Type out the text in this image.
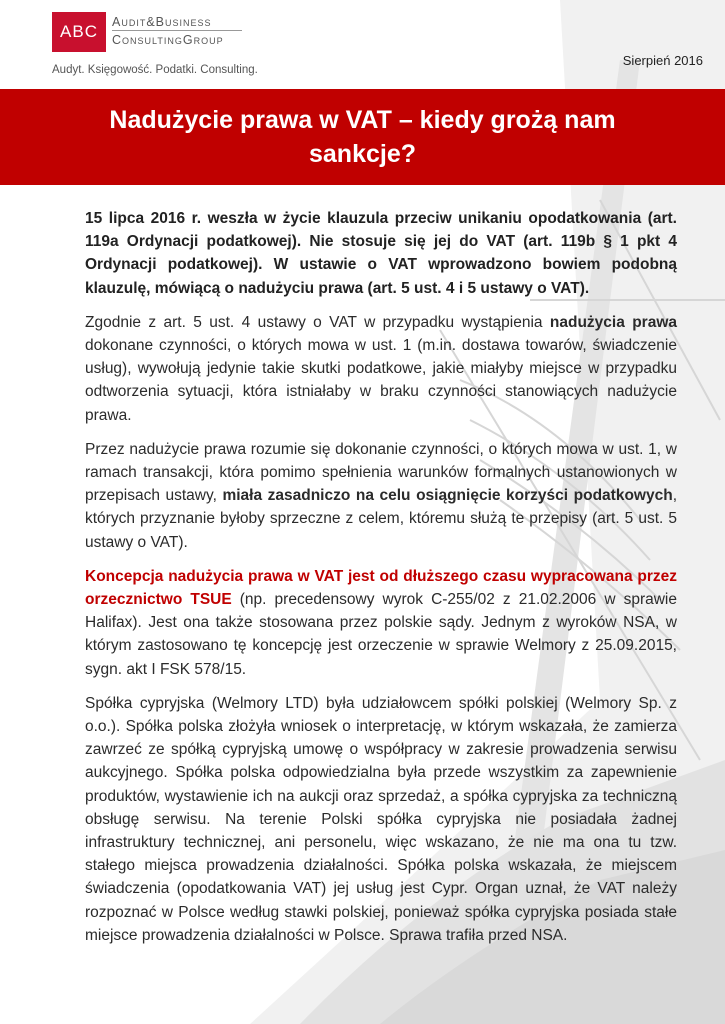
ABC	Audit&Business
ConsultingGroup
Audyt. Księgowość. Podatki. Consulting.
Sierpień 2016
Nadużycie prawa w VAT – kiedy grożą nam sankcje?

15 lipca 2016 r. weszła w życie klauzula przeciw unikaniu opodatkowania (art. 119a Ordynacji podatkowej). Nie stosuje się jej do VAT (art. 119b § 1 pkt 4 Ordynacji podatkowej). W ustawie o VAT wprowadzono bowiem podobną klauzulę, mówiącą o nadużyciu prawa (art. 5 ust. 4 i 5 ustawy o VAT).

Zgodnie z art. 5 ust. 4 ustawy o VAT w przypadku wystąpienia nadużycia prawa dokonane czynności, o których mowa w ust. 1 (m.in. dostawa towarów, świadczenie usług), wywołują jedynie takie skutki podatkowe, jakie miałyby miejsce w przypadku odtworzenia sytuacji, która istniałaby w braku czynności stanowiących nadużycie prawa.

Przez nadużycie prawa rozumie się dokonanie czynności, o których mowa w ust. 1, w ramach transakcji, która pomimo spełnienia warunków formalnych ustanowionych w przepisach ustawy, miała zasadniczo na celu osiągnięcie korzyści podatkowych, których przyznanie byłoby sprzeczne z celem, któremu służą te przepisy (art. 5 ust. 5 ustawy o VAT).

Koncepcja nadużycia prawa w VAT jest od dłuższego czasu wypracowana przez orzecznictwo TSUE (np. precedensowy wyrok C-255/02 z 21.02.2006 w sprawie Halifax). Jest ona także stosowana przez polskie sądy. Jednym z wyroków NSA, w którym zastosowano tę koncepcję jest orzeczenie w sprawie Welmory z 25.09.2015, sygn. akt I FSK 578/15.

Spółka cypryjska (Welmory LTD) była udziałowcem spółki polskiej (Welmory Sp. z o.o.). Spółka polska złożyła wniosek o interpretację, w którym wskazała, że zamierza zawrzeć ze spółką cypryjską umowę o współpracy w zakresie prowadzenia serwisu aukcyjnego. Spółka polska odpowiedzialna była przede wszystkim za zapewnienie produktów, wystawienie ich na aukcji oraz sprzedaż, a spółka cypryjska za techniczną obsługę serwisu. Na terenie Polski spółka cypryjska nie posiadała żadnej infrastruktury technicznej, ani personelu, więc wskazano, że nie ma ona tu tzw. stałego miejsca prowadzenia działalności. Spółka polska wskazała, że miejscem świadczenia (opodatkowania VAT) jej usług jest Cypr. Organ uznał, że VAT należy rozpoznać w Polsce według stawki polskiej, ponieważ spółka cypryjska posiada stałe miejsce prowadzenia działalności w Polsce. Sprawa trafiła przed NSA.
